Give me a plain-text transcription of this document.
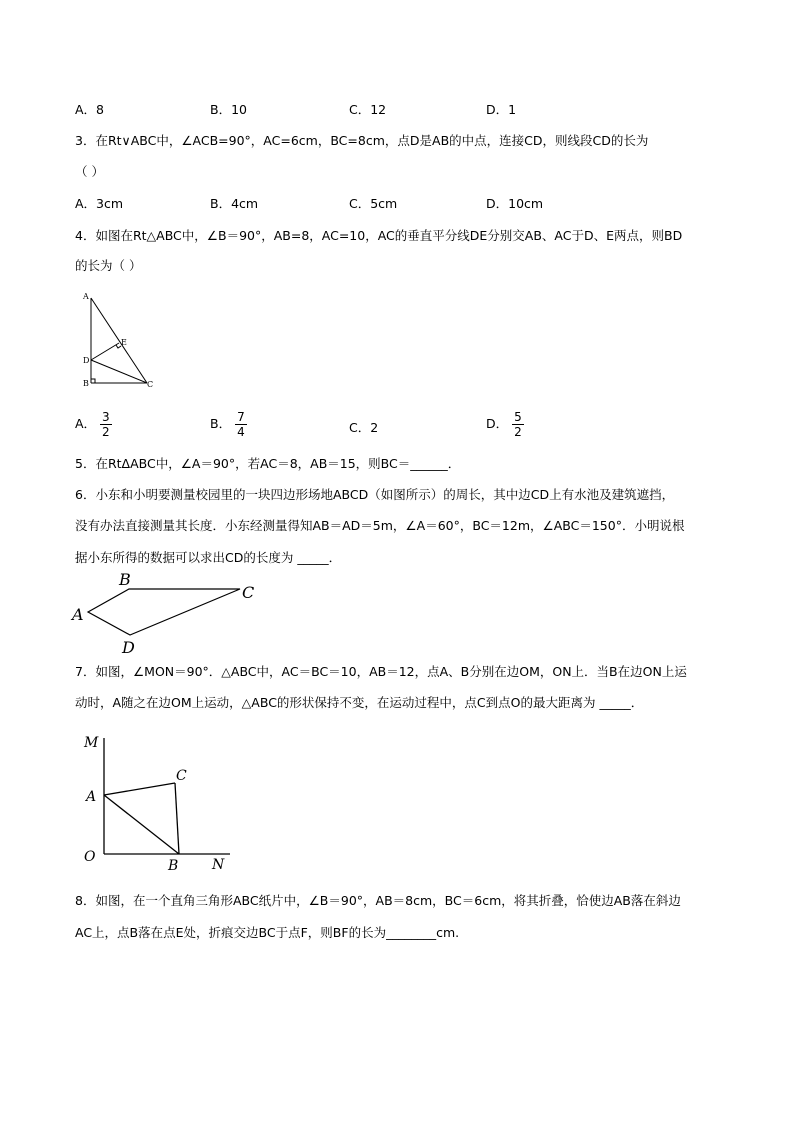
A．8	B．10	C．12	D．1
3．在Rt∨ABC中，∠ACB=90°，AC=6cm，BC=8cm，点D是AB的中点，连接CD，则线段CD的长为
（ ）
A．3cm	B．4cm	C．5cm	D．10cm
4．如图在Rt△ABC中，∠B＝90°，AB=8，AC=10，AC的垂直平分线DE分别交AB、AC于D、E两点，则BD
的长为（ ）
A
E
D
B	C
A． $\frac{3}{2}$	B． $\frac{7}{4}$	C．2	D． $\frac{5}{2}$
5．在RtΔABC中，∠A＝90°，若AC＝8，AB＝15，则BC＝______．
6．小东和小明要测量校园里的一块四边形场地ABCD（如图所示）的周长，其中边CD上有水池及建筑遮挡，
没有办法直接测量其长度．小东经测量得知AB＝AD＝5m，∠A＝60°，BC＝12m，∠ABC＝150°．小明说根
据小东所得的数据可以求出CD的长度为 _____．
B
C
A
D
7．如图，∠MON＝90°．△ABC中，AC＝BC＝10，AB＝12，点A、B分别在边OM，ON上．当B在边ON上运
动时，A随之在边OM上运动，△ABC的形状保持不变，在运动过程中，点C到点O的最大距离为 _____．
M
C
A
O
B N
8．如图，在一个直角三角形ABC纸片中，∠B＝90°，AB＝8cm，BC＝6cm，将其折叠，恰使边AB落在斜边
AC上，点B落在点E处，折痕交边BC于点F，则BF的长为________cm.
